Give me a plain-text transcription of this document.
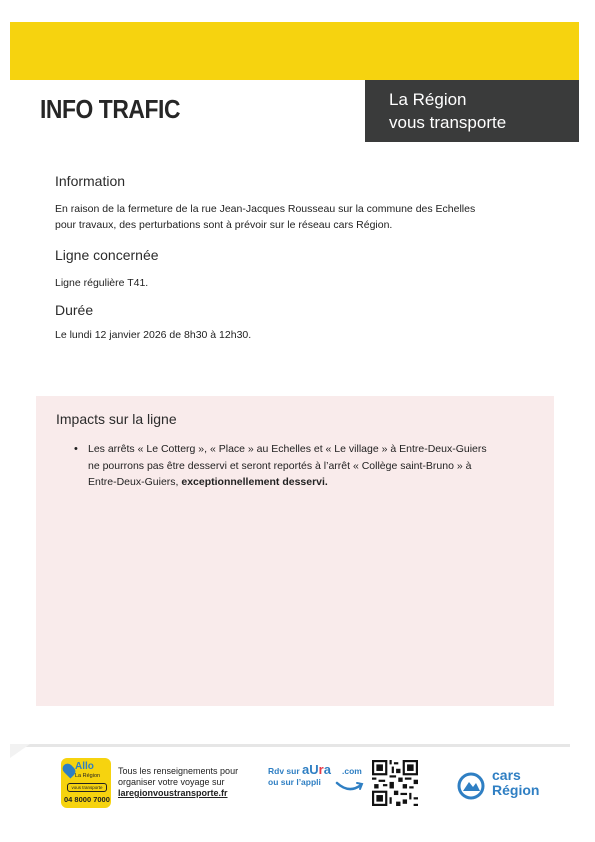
INFO TRAFIC	La Région
vous transporte
Information
En raison de la fermeture de la rue Jean-Jacques Rousseau sur la commune des Echelles
pour travaux, des perturbations sont à prévoir sur le réseau cars Région.
Ligne concernée
Ligne régulière T41.
Durée
Le lundi 12 janvier 2026 de 8h30 à 12h30.
Impacts sur la ligne
• Les arrêts « Le Cotterg », « Place » au Echelles et « Le village » à Entre-Deux-Guiers
ne pourrons pas être desservi et seront reportés à l’arrêt « Collège saint-Bruno » à
Entre-Deux-Guiers, exceptionnellement desservi.
Allo
La Région
vous transporte
04 8000 7000
Tous les renseignements pour
organiser votre voyage sur
laregionvoustransporte.fr
Rdv sur
ou sur l’appli
aUra .com	cars
Région
